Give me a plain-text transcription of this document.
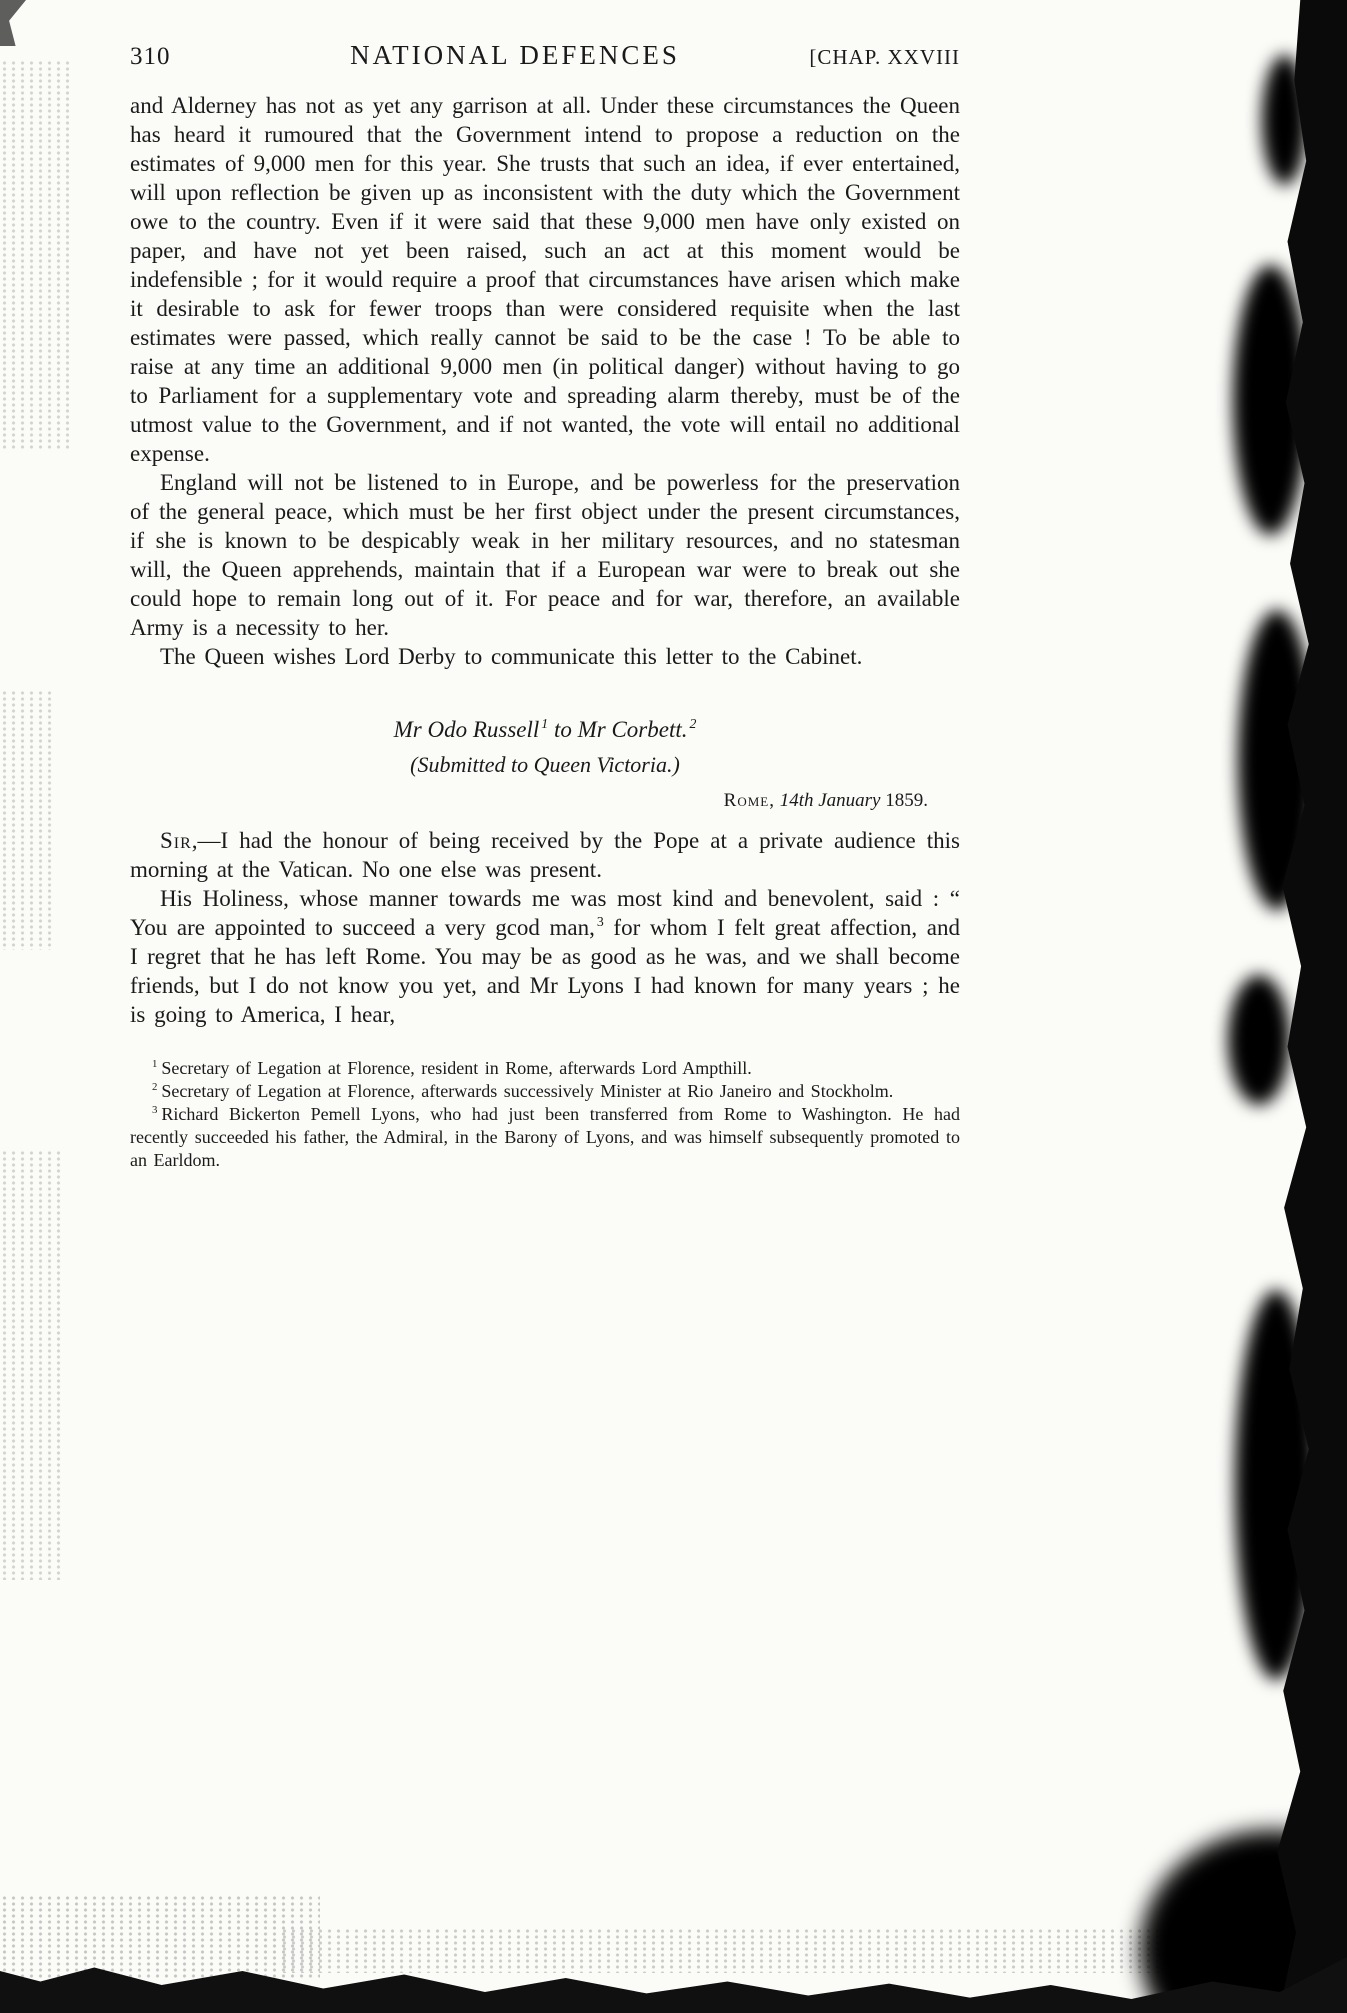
310	NATIONAL DEFENCES	[CHAP. XXVIII

and Alderney has not as yet any garrison at all. Under these circumstances the Queen has heard it rumoured that the Government intend to propose a reduction on the estimates of 9,000 men for this year. She trusts that such an idea, if ever entertained, will upon reflection be given up as inconsistent with the duty which the Government owe to the country. Even if it were said that these 9,000 men have only existed on paper, and have not yet been raised, such an act at this moment would be indefensible ; for it would require a proof that circumstances have arisen which make it desirable to ask for fewer troops than were considered requisite when the last estimates were passed, which really cannot be said to be the case ! To be able to raise at any time an additional 9,000 men (in political danger) without having to go to Parliament for a supplementary vote and spreading alarm thereby, must be of the utmost value to the Government, and if not wanted, the vote will entail no additional expense.

England will not be listened to in Europe, and be powerless for the preservation of the general peace, which must be her first object under the present circumstances, if she is known to be despicably weak in her military resources, and no statesman will, the Queen apprehends, maintain that if a European war were to break out she could hope to remain long out of it. For peace and for war, therefore, an available Army is a necessity to her.

The Queen wishes Lord Derby to communicate this letter to the Cabinet.

Mr Odo Russell $^1$ to Mr Corbett. $^2$
(Submitted to Queen Victoria.)
Rome, 14th January 1859.

Sir,—I had the honour of being received by the Pope at a private audience this morning at the Vatican. No one else was present.

His Holiness, whose manner towards me was most kind and benevolent, said : “ You are appointed to succeed a very gcod man, $^3$ for whom I felt great affection, and I regret that he has left Rome. You may be as good as he was, and we shall become friends, but I do not know you yet, and Mr Lyons I had known for many years ; he is going to America, I hear,

$^1$ Secretary of Legation at Florence, resident in Rome, afterwards Lord Ampthill.

$^2$ Secretary of Legation at Florence, afterwards successively Minister at Rio Janeiro and Stockholm.

$^3$ Richard Bickerton Pemell Lyons, who had just been transferred from Rome to Washington. He had recently succeeded his father, the Admiral, in the Barony of Lyons, and was himself subsequently promoted to an Earldom.
